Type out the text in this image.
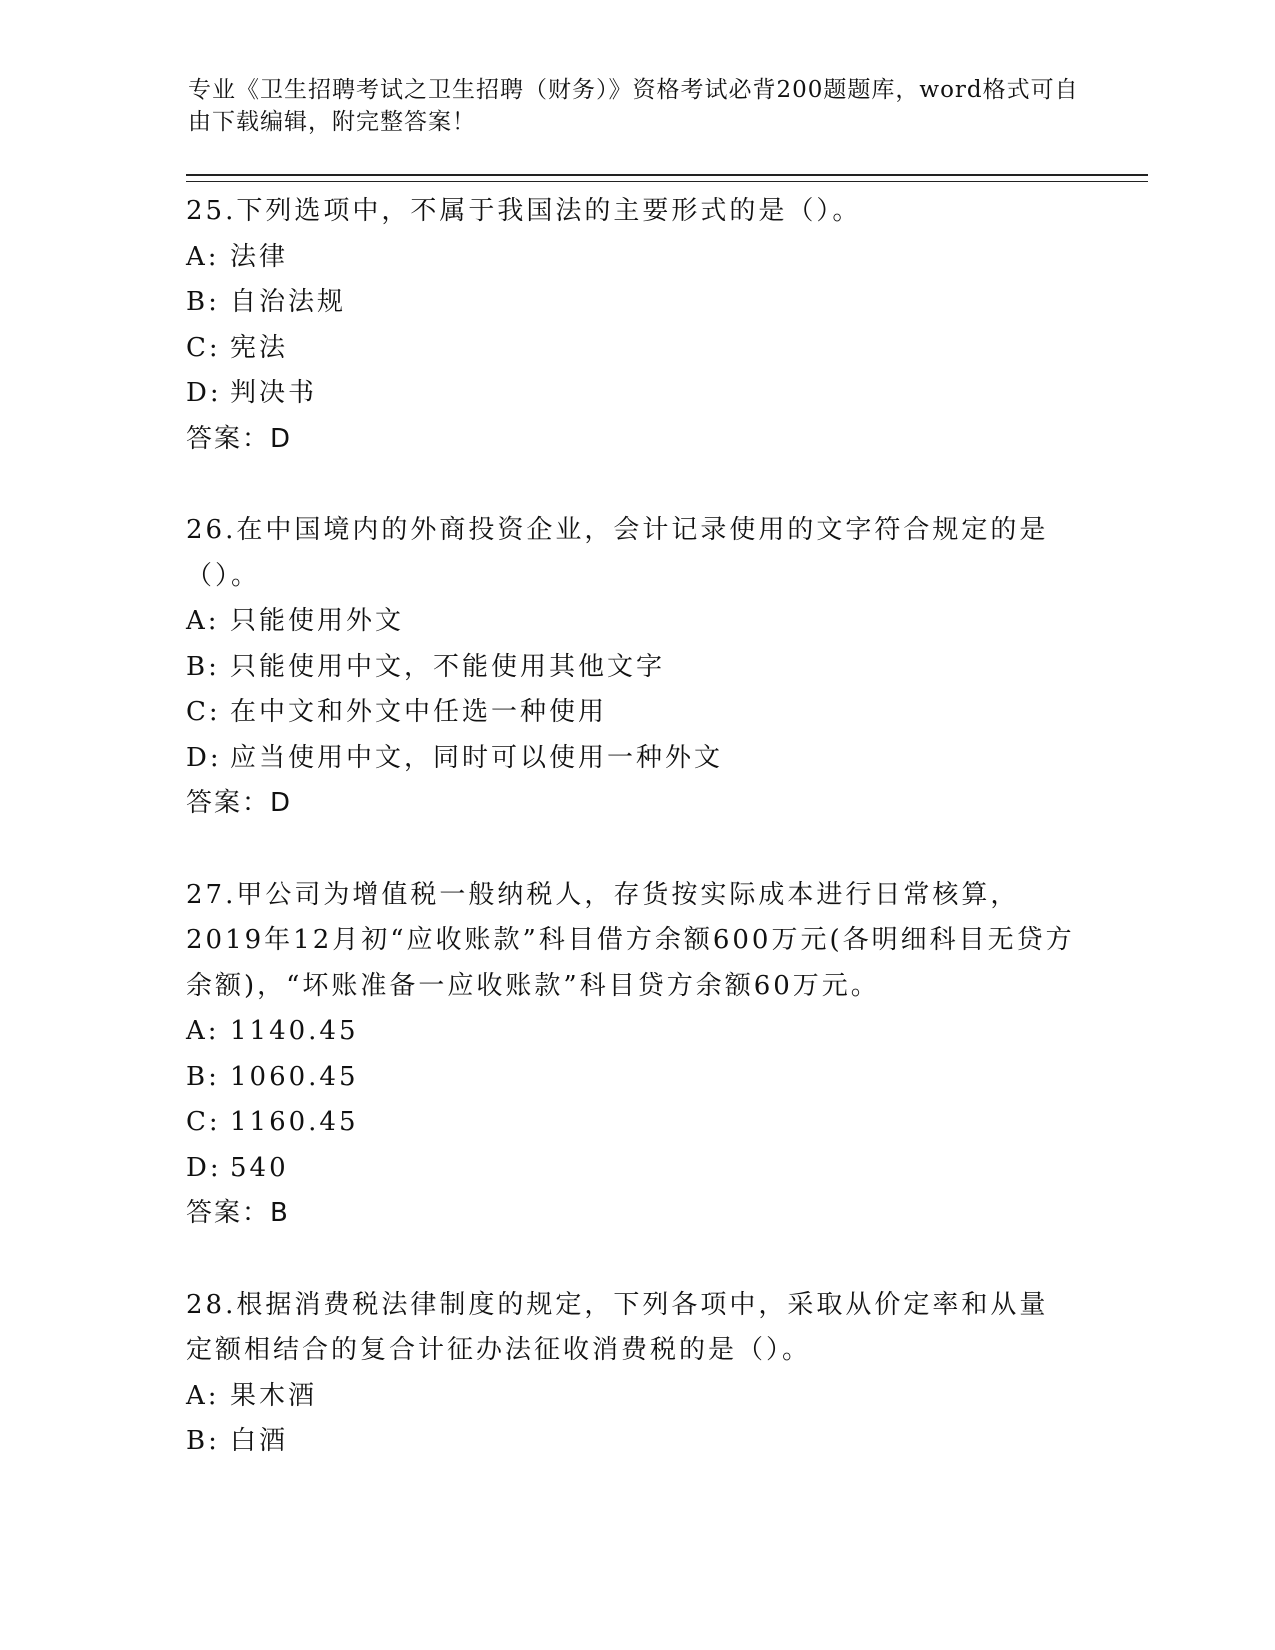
专业《卫生招聘考试之卫生招聘（财务）》资格考试必背200题题库，word格式可自由下载编辑，附完整答案！
25.下列选项中，不属于我国法的主要形式的是（）。
A: 法律
B: 自治法规
C: 宪法
D: 判决书
答案：D
26.在中国境内的外商投资企业，会计记录使用的文字符合规定的是（）。
A: 只能使用外文
B: 只能使用中文，不能使用其他文字
C: 在中文和外文中任选一种使用
D: 应当使用中文，同时可以使用一种外文
答案：D
27.甲公司为增值税一般纳税人，存货按实际成本进行日常核算，2019年12月初“应收账款”科目借方余额600万元(各明细科目无贷方余额)，“坏账准备一应收账款”科目贷方余额60万元。
A: 1140.45
B: 1060.45
C: 1160.45
D: 540
答案：B
28.根据消费税法律制度的规定，下列各项中，采取从价定率和从量定额相结合的复合计征办法征收消费税的是（）。
A: 果木酒
B: 白酒
